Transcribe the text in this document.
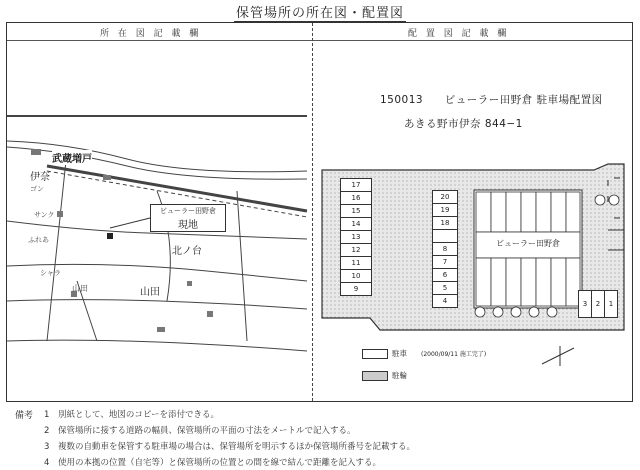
保管場所の所在図・配置図
所 在 図 記 載 欄	配 置 図 記 載 欄
武蔵増戸
伊奈
北ノ台
山田
ゴン
サンク
ふれあ
シャラ
山田
ビューラー田野倉
現地
150013 ビューラー田野倉 駐車場配置図
あきる野市伊奈 844−1
17
16
15
14
13
12
11
10
9
20
19
18
8
7
6
5
4
ビューラー田野倉
3	2	1
駐車 (2000/09/11 施工完了)
駐輪
備考 1 別紙として、地図のコピーを添付できる。
2 保管場所に接する道路の幅員、保管場所の平面の寸法をメートルで記入する。
3 複数の自動車を保管する駐車場の場合は、保管場所を明示するほか保管場所番号を記載する。
4 使用の本拠の位置（自宅等）と保管場所の位置との間を線で結んで距離を記入する。
